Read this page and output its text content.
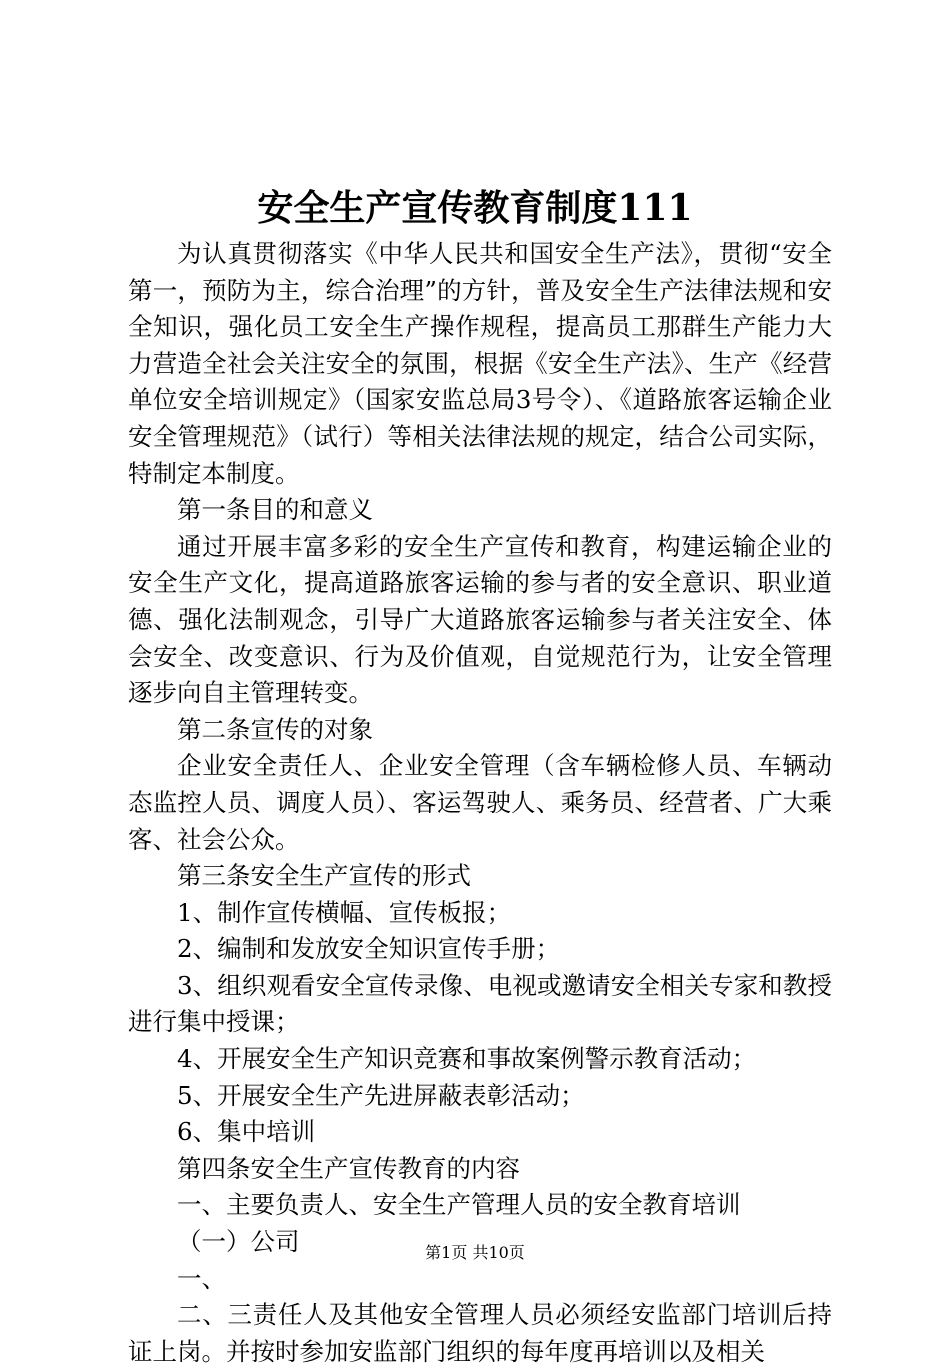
安全生产宣传教育制度111

为认真贯彻落实《中华人民共和国安全生产法》，贯彻“安全第一，预防为主，综合治理”的方针，普及安全生产法律法规和安全知识，强化员工安全生产操作规程，提高员工那群生产能力大力营造全社会关注安全的氛围，根据《安全生产法》、生产《经营单位安全培训规定》（国家安监总局3号令）、《道路旅客运输企业安全管理规范》（试行）等相关法律法规的规定，结合公司实际，特制定本制度。

第一条目的和意义

通过开展丰富多彩的安全生产宣传和教育，构建运输企业的安全生产文化，提高道路旅客运输的参与者的安全意识、职业道德、强化法制观念，引导广大道路旅客运输参与者关注安全、体会安全、改变意识、行为及价值观，自觉规范行为，让安全管理逐步向自主管理转变。

第二条宣传的对象

企业安全责任人、企业安全管理（含车辆检修人员、车辆动态监控人员、调度人员）、客运驾驶人、乘务员、经营者、广大乘客、社会公众。

第三条安全生产宣传的形式

1、制作宣传横幅、宣传板报；

2、编制和发放安全知识宣传手册；

3、组织观看安全宣传录像、电视或邀请安全相关专家和教授进行集中授课；

4、开展安全生产知识竞赛和事故案例警示教育活动；

5、开展安全生产先进屏蔽表彰活动；

6、集中培训

第四条安全生产宣传教育的内容

一、主要负责人、安全生产管理人员的安全教育培训

（一）公司

一、

二、三责任人及其他安全管理人员必须经安监部门培训后持证上岗。并按时参加安监部门组织的每年度再培训以及相关

第1页 共10页
